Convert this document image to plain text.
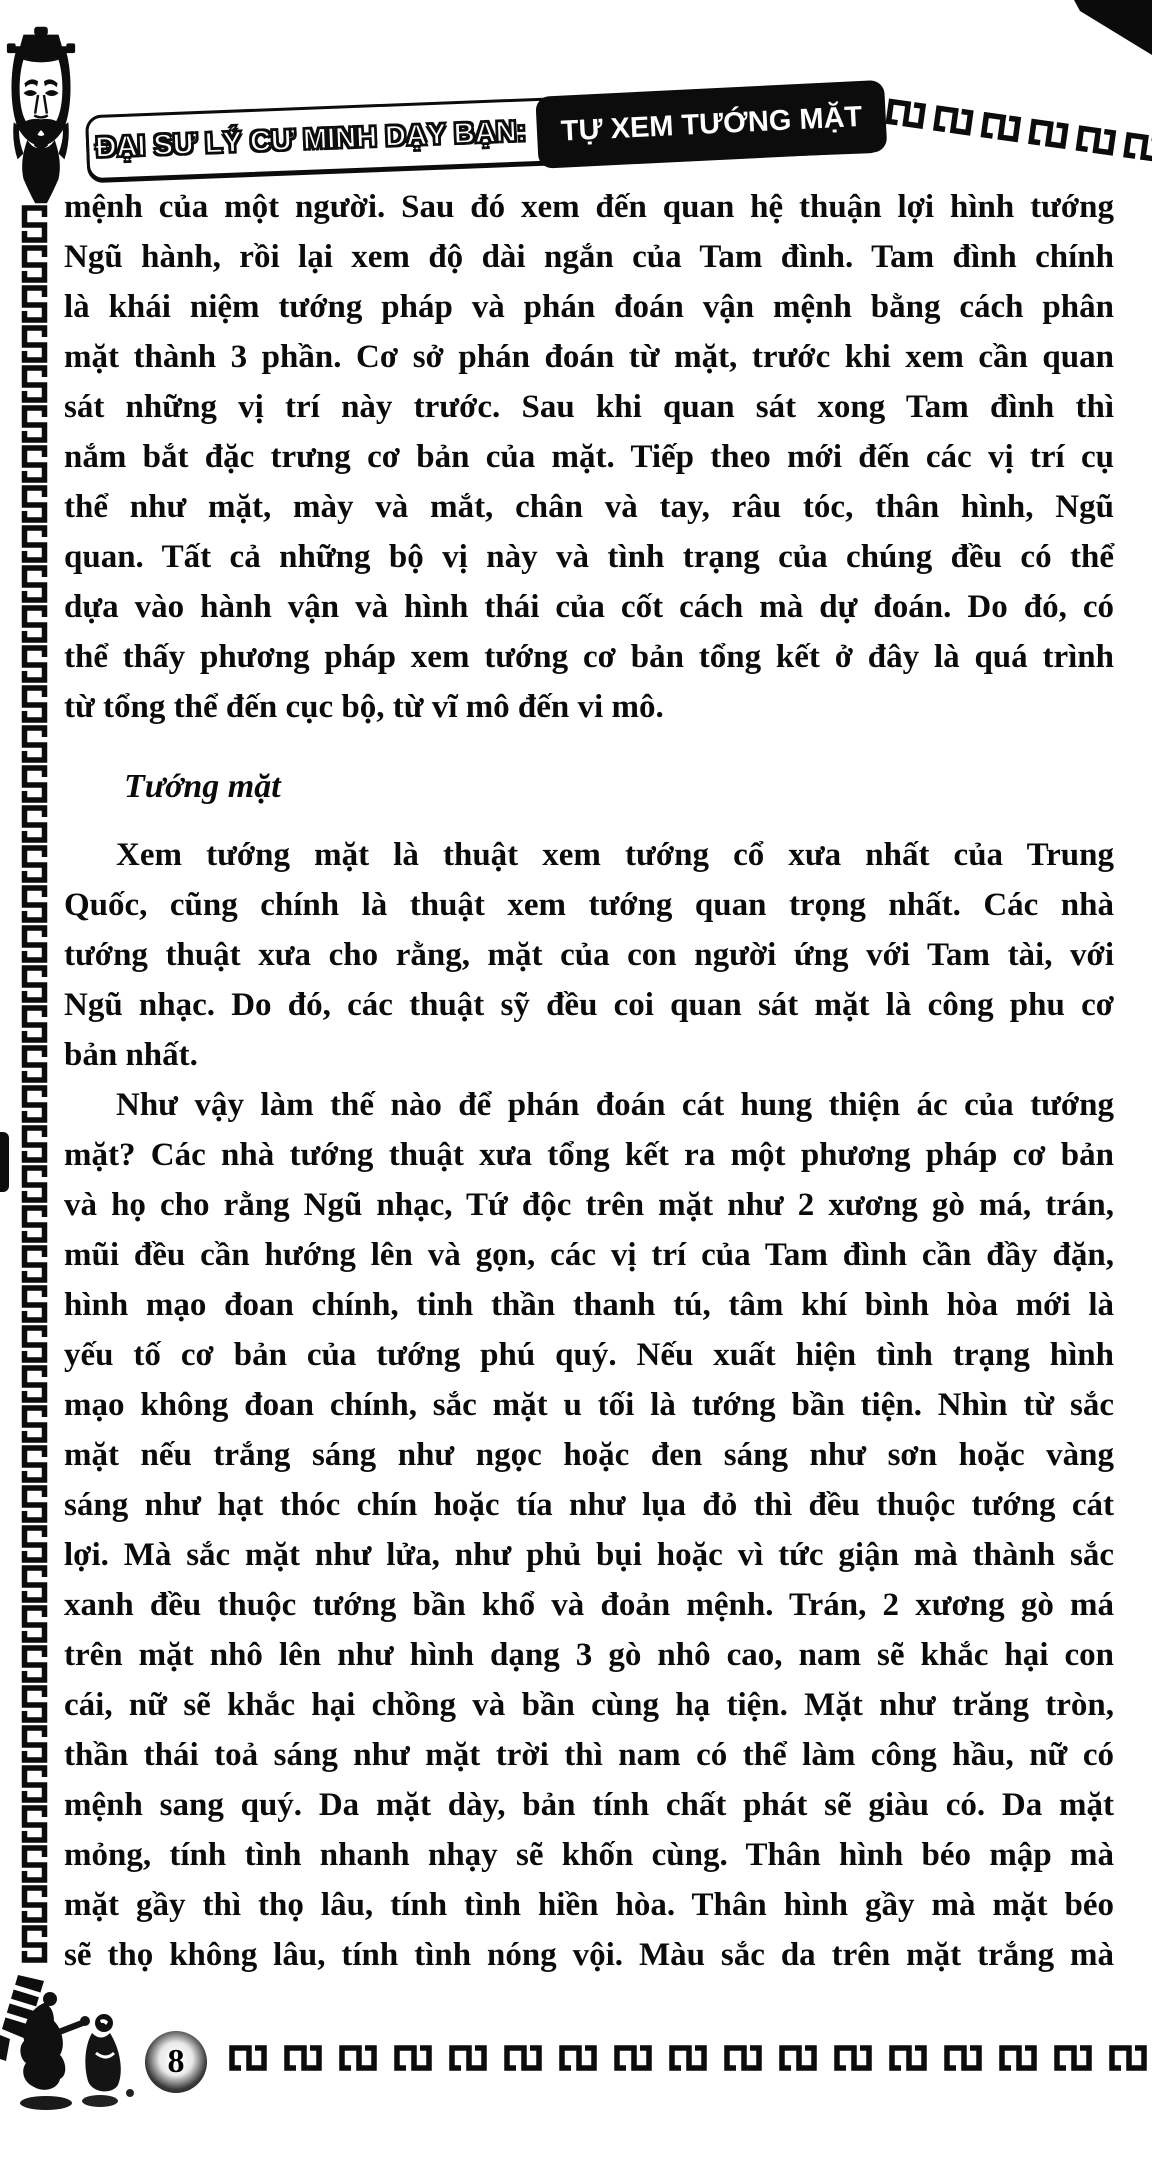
ĐẠI SƯ LÝ CƯ MINH DẠY BẠN:	TỰ XEM TƯỚNG MẶT
mệnh của một người. Sau đó xem đến quan hệ thuận lợi hình tướng
Ngũ hành, rồi lại xem độ dài ngắn của Tam đình. Tam đình chính
là khái niệm tướng pháp và phán đoán vận mệnh bằng cách phân
mặt thành 3 phần. Cơ sở phán đoán từ mặt, trước khi xem cần quan
sát những vị trí này trước. Sau khi quan sát xong Tam đình thì
nắm bắt đặc trưng cơ bản của mặt. Tiếp theo mới đến các vị trí cụ
thể như mặt, mày và mắt, chân và tay, râu tóc, thân hình, Ngũ
quan. Tất cả những bộ vị này và tình trạng của chúng đều có thể
dựa vào hành vận và hình thái của cốt cách mà dự đoán. Do đó, có
thể thấy phương pháp xem tướng cơ bản tổng kết ở đây là quá trình
từ tổng thể đến cục bộ, từ vĩ mô đến vi mô.
Tướng mặt
Xem tướng mặt là thuật xem tướng cổ xưa nhất của Trung
Quốc, cũng chính là thuật xem tướng quan trọng nhất. Các nhà
tướng thuật xưa cho rằng, mặt của con người ứng với Tam tài, với
Ngũ nhạc. Do đó, các thuật sỹ đều coi quan sát mặt là công phu cơ
bản nhất.
Như vậy làm thế nào để phán đoán cát hung thiện ác của tướng
mặt? Các nhà tướng thuật xưa tổng kết ra một phương pháp cơ bản
và họ cho rằng Ngũ nhạc, Tứ độc trên mặt như 2 xương gò má, trán,
mũi đều cần hướng lên và gọn, các vị trí của Tam đình cần đầy đặn,
hình mạo đoan chính, tinh thần thanh tú, tâm khí bình hòa mới là
yếu tố cơ bản của tướng phú quý. Nếu xuất hiện tình trạng hình
mạo không đoan chính, sắc mặt u tối là tướng bần tiện. Nhìn từ sắc
mặt nếu trắng sáng như ngọc hoặc đen sáng như sơn hoặc vàng
sáng như hạt thóc chín hoặc tía như lụa đỏ thì đều thuộc tướng cát
lợi. Mà sắc mặt như lửa, như phủ bụi hoặc vì tức giận mà thành sắc
xanh đều thuộc tướng bần khổ và đoản mệnh. Trán, 2 xương gò má
trên mặt nhô lên như hình dạng 3 gò nhô cao, nam sẽ khắc hại con
cái, nữ sẽ khắc hại chồng và bần cùng hạ tiện. Mặt như trăng tròn,
thần thái toả sáng như mặt trời thì nam có thể làm công hầu, nữ có
mệnh sang quý. Da mặt dày, bản tính chất phát sẽ giàu có. Da mặt
mỏng, tính tình nhanh nhạy sẽ khốn cùng. Thân hình béo mập mà
mặt gầy thì thọ lâu, tính tình hiền hòa. Thân hình gầy mà mặt béo
sẽ thọ không lâu, tính tình nóng vội. Màu sắc da trên mặt trắng mà
8
